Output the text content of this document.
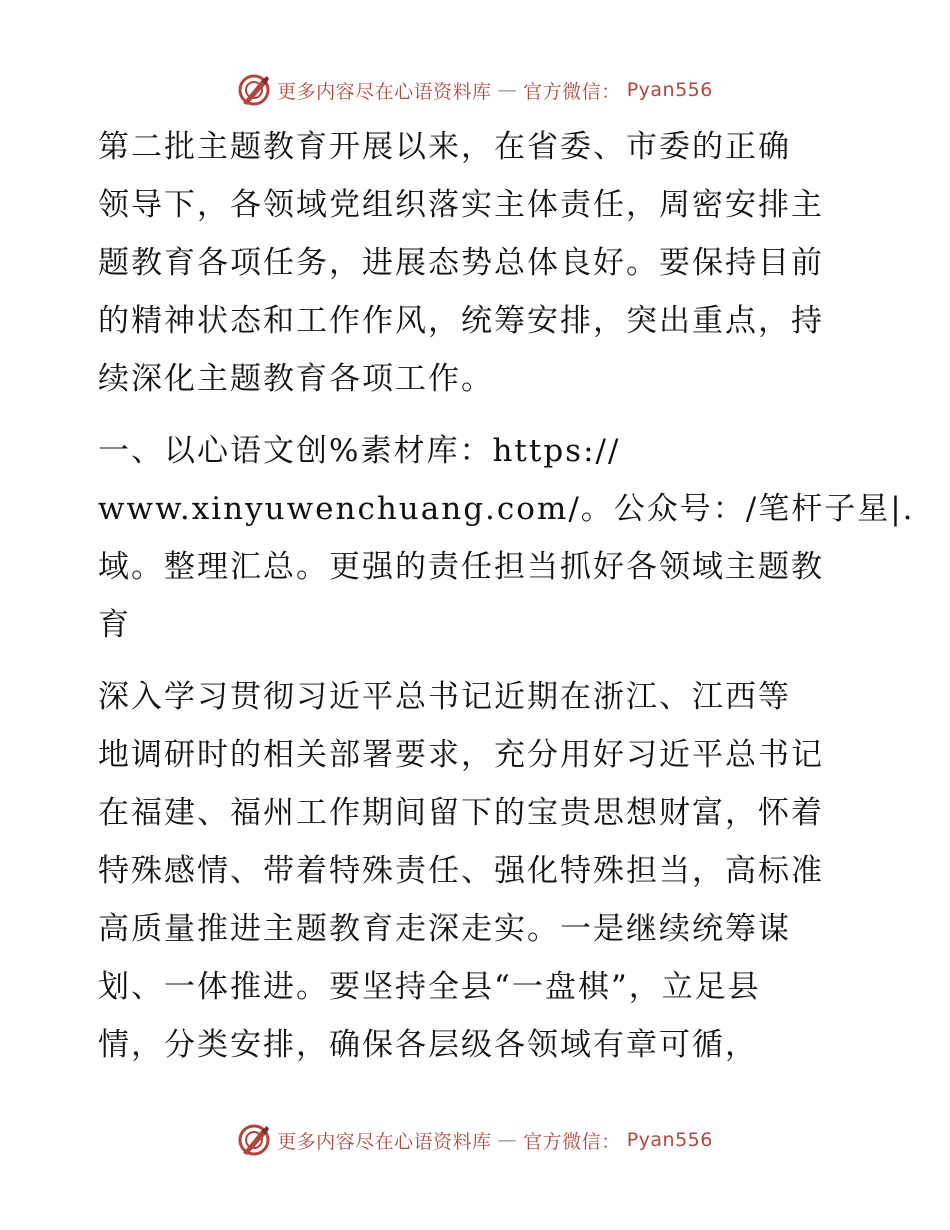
更多内容尽在心语资料库 — 官方微信： Pyan556
第二批主题教育开展以来，在省委、市委的正确
领导下，各领域党组织落实主体责任，周密安排主
题教育各项任务，进展态势总体良好。要保持目前
的精神状态和工作作风，统筹安排，突出重点，持
续深化主题教育各项工作。
一、以心语文创%素材库：https://
www.xinyuwenchuang.com/。公众号：/笔杆子星|.
域。整理汇总。更强的责任担当抓好各领域主题教
育
深入学习贯彻习近平总书记近期在浙江、江西等
地调研时的相关部署要求，充分用好习近平总书记
在福建、福州工作期间留下的宝贵思想财富，怀着
特殊感情、带着特殊责任、强化特殊担当，高标准
高质量推进主题教育走深走实。一是继续统筹谋
划、一体推进。要坚持全县“一盘棋”，立足县
情，分类安排，确保各层级各领域有章可循，
更多内容尽在心语资料库 — 官方微信： Pyan556
